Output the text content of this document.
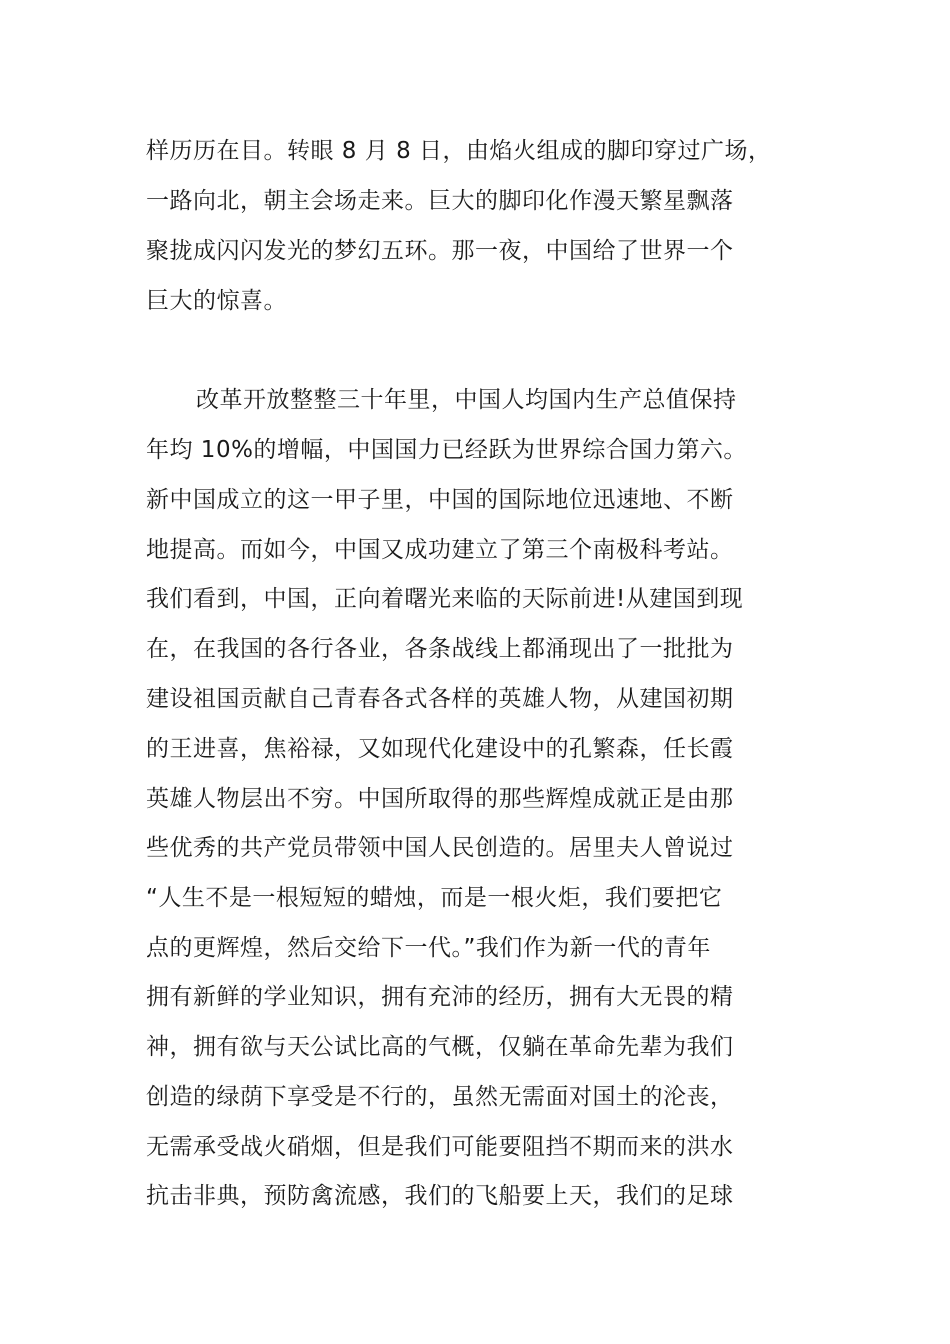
样历历在目。转眼 8 月 8 日，由焰火组成的脚印穿过广场，
一路向北，朝主会场走来。巨大的脚印化作漫天繁星飘落
聚拢成闪闪发光的梦幻五环。那一夜，中国给了世界一个
巨大的惊喜。
改革开放整整三十年里，中国人均国内生产总值保持
年均 10%的增幅，中国国力已经跃为世界综合国力第六。
新中国成立的这一甲子里，中国的国际地位迅速地、不断
地提高。而如今，中国又成功建立了第三个南极科考站。
我们看到，中国，正向着曙光来临的天际前进!从建国到现
在，在我国的各行各业，各条战线上都涌现出了一批批为
建设祖国贡献自己青春各式各样的英雄人物，从建国初期
的王进喜，焦裕禄，又如现代化建设中的孔繁森，任长霞
英雄人物层出不穷。中国所取得的那些辉煌成就正是由那
些优秀的共产党员带领中国人民创造的。居里夫人曾说过
“人生不是一根短短的蜡烛，而是一根火炬，我们要把它
点的更辉煌，然后交给下一代。”我们作为新一代的青年
拥有新鲜的学业知识，拥有充沛的经历，拥有大无畏的精
神，拥有欲与天公试比高的气概，仅躺在革命先辈为我们
创造的绿荫下享受是不行的，虽然无需面对国土的沦丧，
无需承受战火硝烟，但是我们可能要阻挡不期而来的洪水
抗击非典，预防禽流感，我们的飞船要上天，我们的足球
